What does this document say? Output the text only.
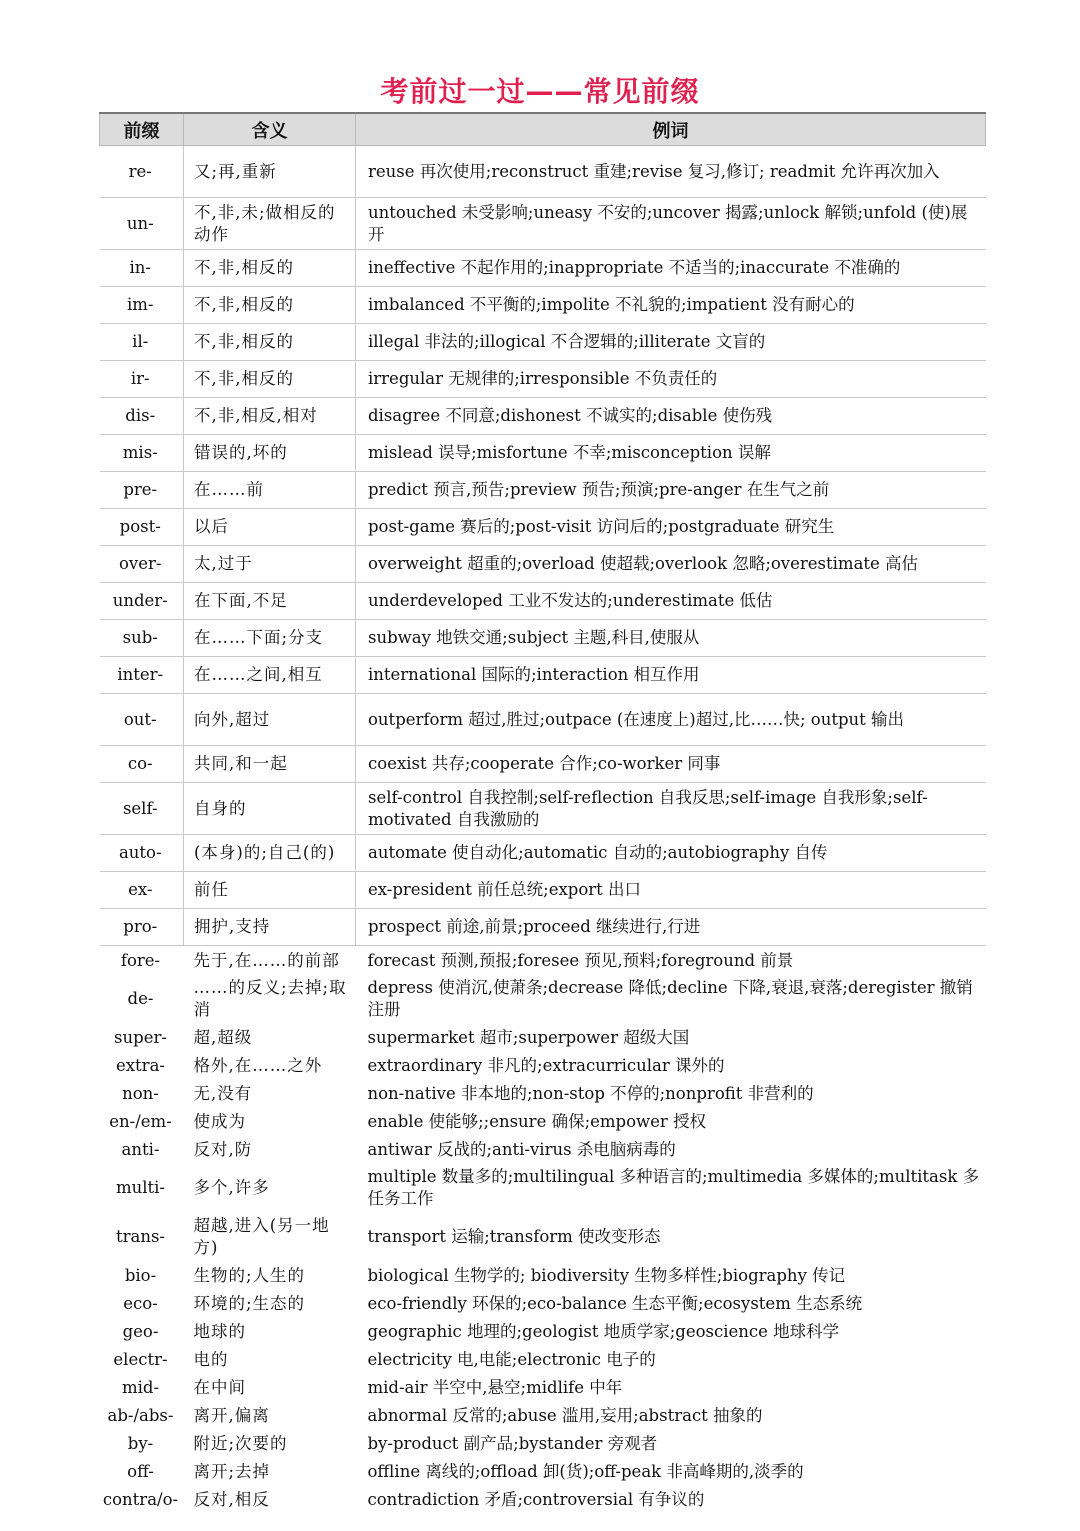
考前过一过——常见前缀
前缀	含义	例词
re-	又;再,重新	reuse 再次使用;reconstruct 重建;revise 复习,修订; readmit 允许再次加入
un-	不,非,未;做相反的动作	untouched 未受影响;uneasy 不安的;uncover 揭露;unlock 解锁;unfold (使)展开
in-	不,非,相反的	ineffective 不起作用的;inappropriate 不适当的;inaccurate 不准确的
im-	不,非,相反的	imbalanced 不平衡的;impolite 不礼貌的;impatient 没有耐心的
il-	不,非,相反的	illegal 非法的;illogical 不合逻辑的;illiterate 文盲的
ir-	不,非,相反的	irregular 无规律的;irresponsible 不负责任的
dis-	不,非,相反,相对	disagree 不同意;dishonest 不诚实的;disable 使伤残
mis-	错误的,坏的	mislead 误导;misfortune 不幸;misconception 误解
pre-	在……前	predict 预言,预告;preview 预告;预演;pre-anger 在生气之前
post-	以后	post-game 赛后的;post-visit 访问后的;postgraduate 研究生
over-	太,过于	overweight 超重的;overload 使超载;overlook 忽略;overestimate 高估
under-	在下面,不足	underdeveloped 工业不发达的;underestimate 低估
sub-	在……下面;分支	subway 地铁交通;subject 主题,科目,使服从
inter-	在……之间,相互	international 国际的;interaction 相互作用
out-	向外,超过	outperform 超过,胜过;outpace (在速度上)超过,比……快; output 输出
co-	共同,和一起	coexist 共存;cooperate 合作;co-worker 同事
self-	自身的	self-control 自我控制;self-reflection 自我反思;self-image 自我形象;self-motivated 自我激励的
auto-	(本身)的;自己(的)	automate 使自动化;automatic 自动的;autobiography 自传
ex-	前任	ex-president 前任总统;export 出口
pro-	拥护,支持	prospect 前途,前景;proceed 继续进行,行进
fore-	先于,在……的前部	forecast 预测,预报;foresee 预见,预料;foreground 前景
de-	……的反义;去掉;取消	depress 使消沉,使萧条;decrease 降低;decline 下降,衰退,衰落;deregister 撤销注册
super-	超,超级	supermarket 超市;superpower 超级大国
extra-	格外,在……之外	extraordinary 非凡的;extracurricular 课外的
non-	无,没有	non-native 非本地的;non-stop 不停的;nonprofit 非营利的
en-/em-	使成为	enable 使能够;;ensure 确保;empower 授权
anti-	反对,防	antiwar 反战的;anti-virus 杀电脑病毒的
multi-	多个,许多	multiple 数量多的;multilingual 多种语言的;multimedia 多媒体的;multitask 多任务工作
trans-	超越,进入(另一地方)	transport 运输;transform 使改变形态
bio-	生物的;人生的	biological 生物学的; biodiversity 生物多样性;biography 传记
eco-	环境的;生态的	eco-friendly 环保的;eco-balance 生态平衡;ecosystem 生态系统
geo-	地球的	geographic 地理的;geologist 地质学家;geoscience 地球科学
electr-	电的	electricity 电,电能;electronic 电子的
mid-	在中间	mid-air 半空中,悬空;midlife 中年
ab-/abs-	离开,偏离	abnormal 反常的;abuse 滥用,妄用;abstract 抽象的
by-	附近;次要的	by-product 副产品;bystander 旁观者
off-	离开;去掉	offline 离线的;offload 卸(货);off-peak 非高峰期的,淡季的
contra/o-	反对,相反	contradiction 矛盾;controversial 有争议的
